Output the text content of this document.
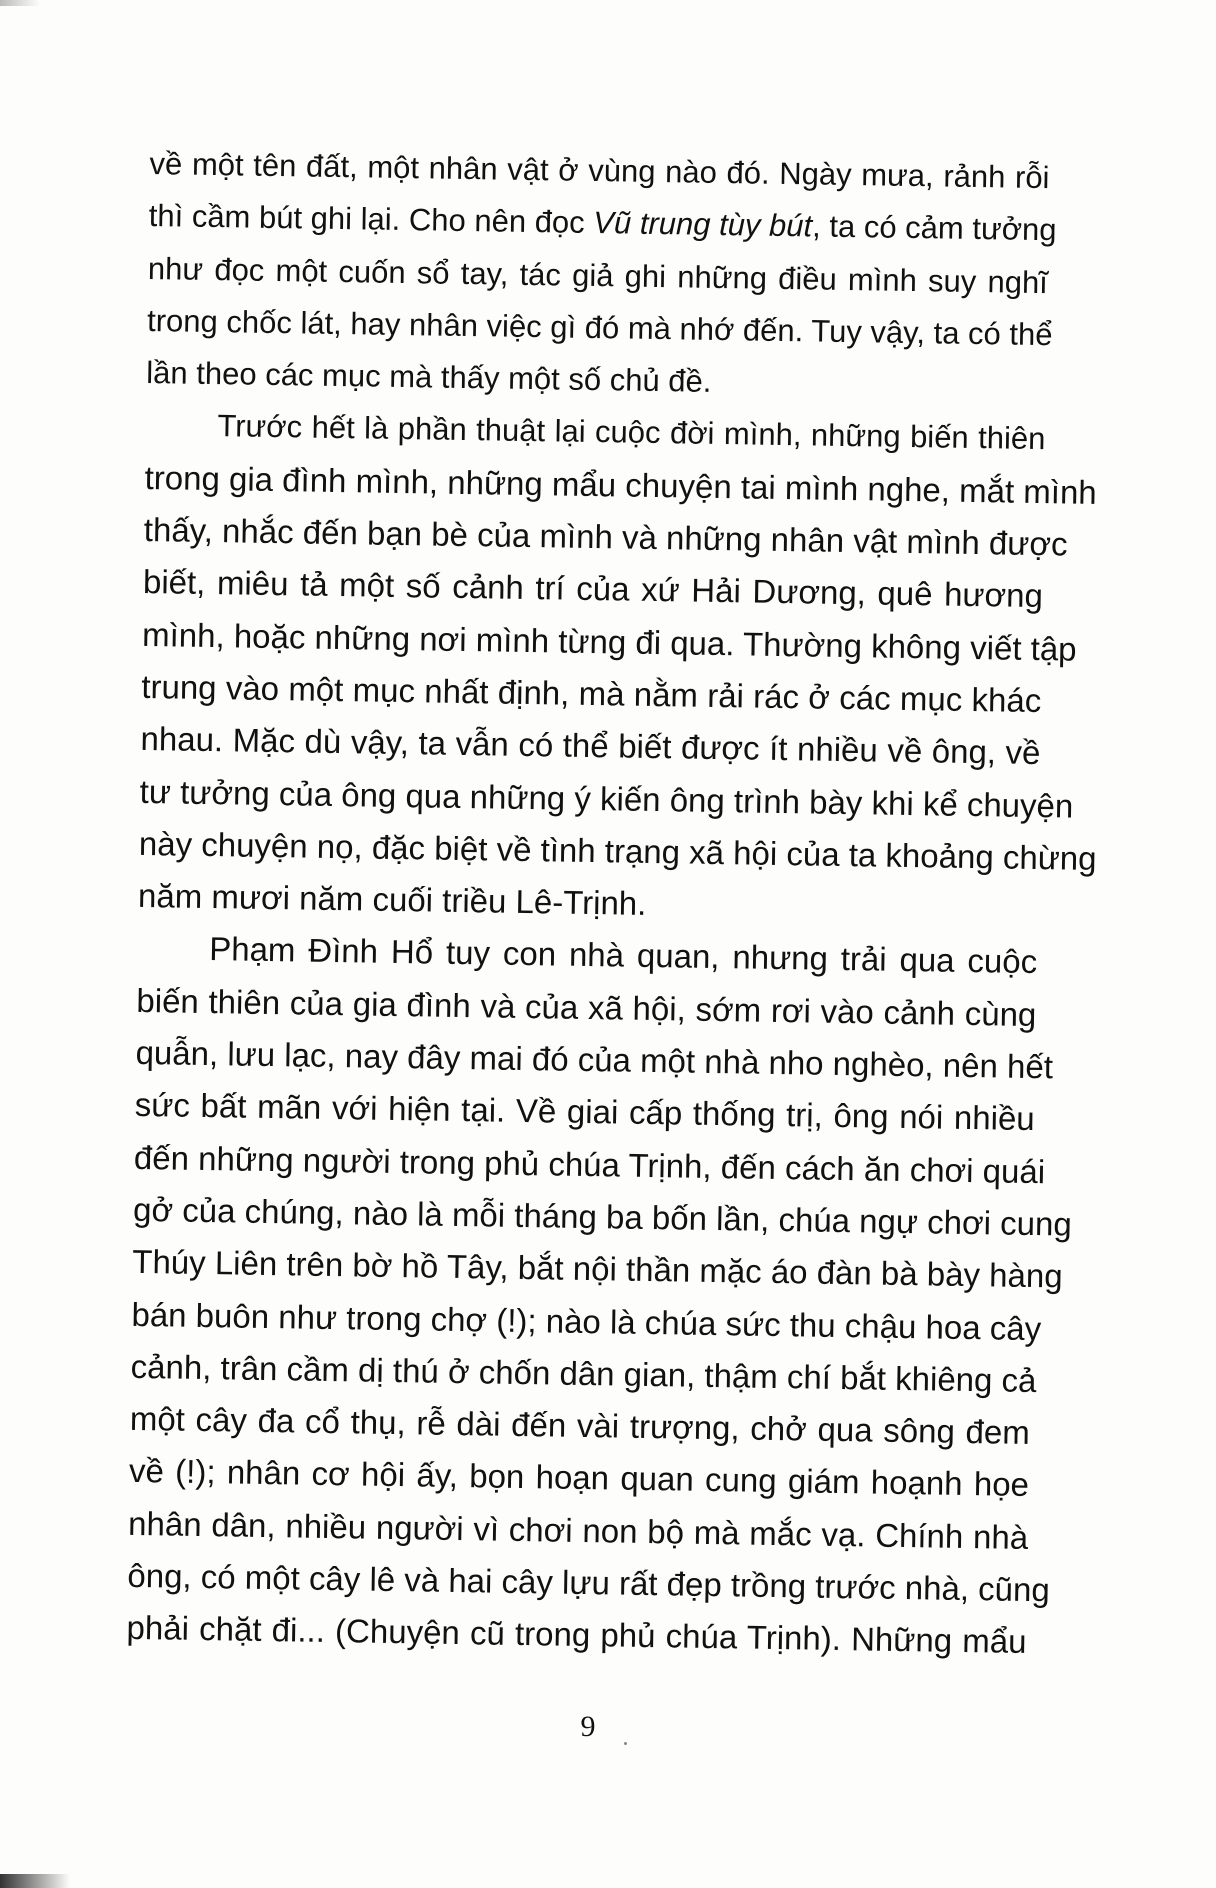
về một tên đất, một nhân vật ở vùng nào đó. Ngày mưa, rảnh rỗi
thì cầm bút ghi lại. Cho nên đọc Vũ trung tùy bút, ta có cảm tưởng
như đọc một cuốn sổ tay, tác giả ghi những điều mình suy nghĩ
trong chốc lát, hay nhân việc gì đó mà nhớ đến. Tuy vậy, ta có thể
lần theo các mục mà thấy một số chủ đề.
Trước hết là phần thuật lại cuộc đời mình, những biến thiên
trong gia đình mình, những mẩu chuyện tai mình nghe, mắt mình
thấy, nhắc đến bạn bè của mình và những nhân vật mình được
biết, miêu tả một số cảnh trí của xứ Hải Dương, quê hương
mình, hoặc những nơi mình từng đi qua. Thường không viết tập
trung vào một mục nhất định, mà nằm rải rác ở các mục khác
nhau. Mặc dù vậy, ta vẫn có thể biết được ít nhiều về ông, về
tư tưởng của ông qua những ý kiến ông trình bày khi kể chuyện
này chuyện nọ, đặc biệt về tình trạng xã hội của ta khoảng chừng
năm mươi năm cuối triều Lê-Trịnh.
Phạm Đình Hổ tuy con nhà quan, nhưng trải qua cuộc
biến thiên của gia đình và của xã hội, sớm rơi vào cảnh cùng
quẫn, lưu lạc, nay đây mai đó của một nhà nho nghèo, nên hết
sức bất mãn với hiện tại. Về giai cấp thống trị, ông nói nhiều
đến những người trong phủ chúa Trịnh, đến cách ăn chơi quái
gở của chúng, nào là mỗi tháng ba bốn lần, chúa ngự chơi cung
Thúy Liên trên bờ hồ Tây, bắt nội thần mặc áo đàn bà bày hàng
bán buôn như trong chợ (!); nào là chúa sức thu chậu hoa cây
cảnh, trân cầm dị thú ở chốn dân gian, thậm chí bắt khiêng cả
một cây đa cổ thụ, rễ dài đến vài trượng, chở qua sông đem
về (!); nhân cơ hội ấy, bọn hoạn quan cung giám hoạnh họe
nhân dân, nhiều người vì chơi non bộ mà mắc vạ. Chính nhà
ông, có một cây lê và hai cây lựu rất đẹp trồng trước nhà, cũng
phải chặt đi... (Chuyện cũ trong phủ chúa Trịnh). Những mẩu
9
